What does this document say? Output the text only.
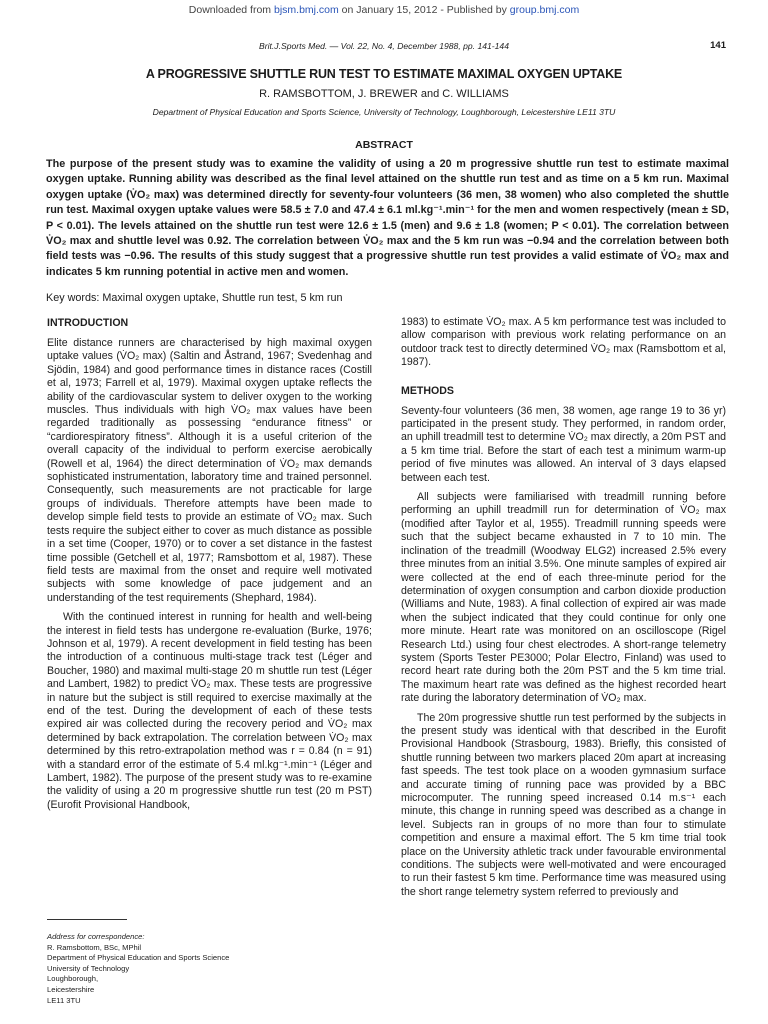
Downloaded from bjsm.bmj.com on January 15, 2012 - Published by group.bmj.com
Brit.J.Sports Med. — Vol. 22, No. 4, December 1988, pp. 141-144	141
A PROGRESSIVE SHUTTLE RUN TEST TO ESTIMATE MAXIMAL OXYGEN UPTAKE
R. RAMSBOTTOM, J. BREWER and C. WILLIAMS
Department of Physical Education and Sports Science, University of Technology, Loughborough, Leicestershire LE11 3TU
ABSTRACT
The purpose of the present study was to examine the validity of using a 20 m progressive shuttle run test to estimate maximal oxygen uptake. Running ability was described as the final level attained on the shuttle run test and as time on a 5 km run. Maximal oxygen uptake (V̇O₂ max) was determined directly for seventy-four volunteers (36 men, 38 women) who also completed the shuttle run test. Maximal oxygen uptake values were 58.5 ± 7.0 and 47.4 ± 6.1 ml.kg⁻¹.min⁻¹ for the men and women respectively (mean ± SD, P < 0.01). The levels attained on the shuttle run test were 12.6 ± 1.5 (men) and 9.6 ± 1.8 (women; P < 0.01). The correlation between V̇O₂ max and shuttle level was 0.92. The correlation between V̇O₂ max and the 5 km run was −0.94 and the correlation between both field tests was −0.96. The results of this study suggest that a progressive shuttle run test provides a valid estimate of V̇O₂ max and indicates 5 km running potential in active men and women.
Key words: Maximal oxygen uptake, Shuttle run test, 5 km run
INTRODUCTION

Elite distance runners are characterised by high maximal oxygen uptake values (V̇O₂ max) (Saltin and Åstrand, 1967; Svedenhag and Sjödin, 1984) and good performance times in distance races (Costill et al, 1973; Farrell et al, 1979). Maximal oxygen uptake reflects the ability of the cardiovascular system to deliver oxygen to the working muscles. Thus individuals with high V̇O₂ max values have been regarded traditionally as possessing “endurance fitness” or “cardiorespiratory fitness”. Although it is a useful criterion of the overall capacity of the individual to perform exercise aerobically (Rowell et al, 1964) the direct determination of V̇O₂ max demands sophisticated instrumentation, laboratory time and trained personnel. Consequently, such measurements are not practicable for large groups of individuals. Therefore attempts have been made to develop simple field tests to provide an estimate of V̇O₂ max. Such tests require the subject either to cover as much distance as possible in a set time (Cooper, 1970) or to cover a set distance in the fastest time possible (Getchell et al, 1977; Ramsbottom et al, 1987). These field tests are maximal from the onset and require well motivated subjects with some knowledge of pace judgement and an understanding of the test requirements (Shephard, 1984).

With the continued interest in running for health and well-being the interest in field tests has undergone re-evaluation (Burke, 1976; Johnson et al, 1979). A recent development in field testing has been the introduction of a continuous multi-stage track test (Léger and Boucher, 1980) and maximal multi-stage 20 m shuttle run test (Léger and Lambert, 1982) to predict V̇O₂ max. These tests are progressive in nature but the subject is still required to exercise maximally at the end of the test. During the development of each of these tests expired air was collected during the recovery period and V̇O₂ max determined by back extrapolation. The correlation between V̇O₂ max determined by this retro-extrapolation method was r = 0.84 (n = 91) with a standard error of the estimate of 5.4 ml.kg⁻¹.min⁻¹ (Léger and Lambert, 1982). The purpose of the present study was to re-examine the validity of using a 20 m progressive shuttle run test (20 m PST) (Eurofit Provisional Handbook,

1983) to estimate V̇O₂ max. A 5 km performance test was included to allow comparison with previous work relating performance on an outdoor track test to directly determined V̇O₂ max (Ramsbottom et al, 1987).

METHODS

Seventy-four volunteers (36 men, 38 women, age range 19 to 36 yr) participated in the present study. They performed, in random order, an uphill treadmill test to determine V̇O₂ max directly, a 20m PST and a 5 km time trial. Before the start of each test a minimum warm-up period of five minutes was allowed. An interval of 3 days elapsed between each test.

All subjects were familiarised with treadmill running before performing an uphill treadmill run for determination of V̇O₂ max (modified after Taylor et al, 1955). Treadmill running speeds were such that the subject became exhausted in 7 to 10 min. The inclination of the treadmill (Woodway ELG2) increased 2.5% every three minutes from an initial 3.5%. One minute samples of expired air were collected at the end of each three-minute period for the determination of oxygen consumption and carbon dioxide production (Williams and Nute, 1983). A final collection of expired air was made when the subject indicated that they could continue for only one more minute. Heart rate was monitored on an oscilloscope (Rigel Research Ltd.) using four chest electrodes. A short-range telemetry system (Sports Tester PE3000; Polar Electro, Finland) was used to record heart rate during both the 20m PST and the 5 km time trial. The maximum heart rate was defined as the highest recorded heart rate during the laboratory determination of V̇O₂ max.

The 20m progressive shuttle run test performed by the subjects in the present study was identical with that described in the Eurofit Provisional Handbook (Strasbourg, 1983). Briefly, this consisted of shuttle running between two markers placed 20m apart at increasing fast speeds. The test took place on a wooden gymnasium surface and accurate timing of running pace was provided by a BBC microcomputer. The running speed increased 0.14 m.s⁻¹ each minute, this change in running speed was described as a change in level. Subjects ran in groups of no more than four to stimulate competition and ensure a maximal effort. The 5 km time trial took place on the University athletic track under favourable environmental conditions. The subjects were well-motivated and were encouraged to run their fastest 5 km time. Performance time was measured using the short range telemetry system referred to previously and

Address for correspondence:
R. Ramsbottom, BSc, MPhil
Department of Physical Education and Sports Science
University of Technology
Loughborough,
Leicestershire
LE11 3TU
